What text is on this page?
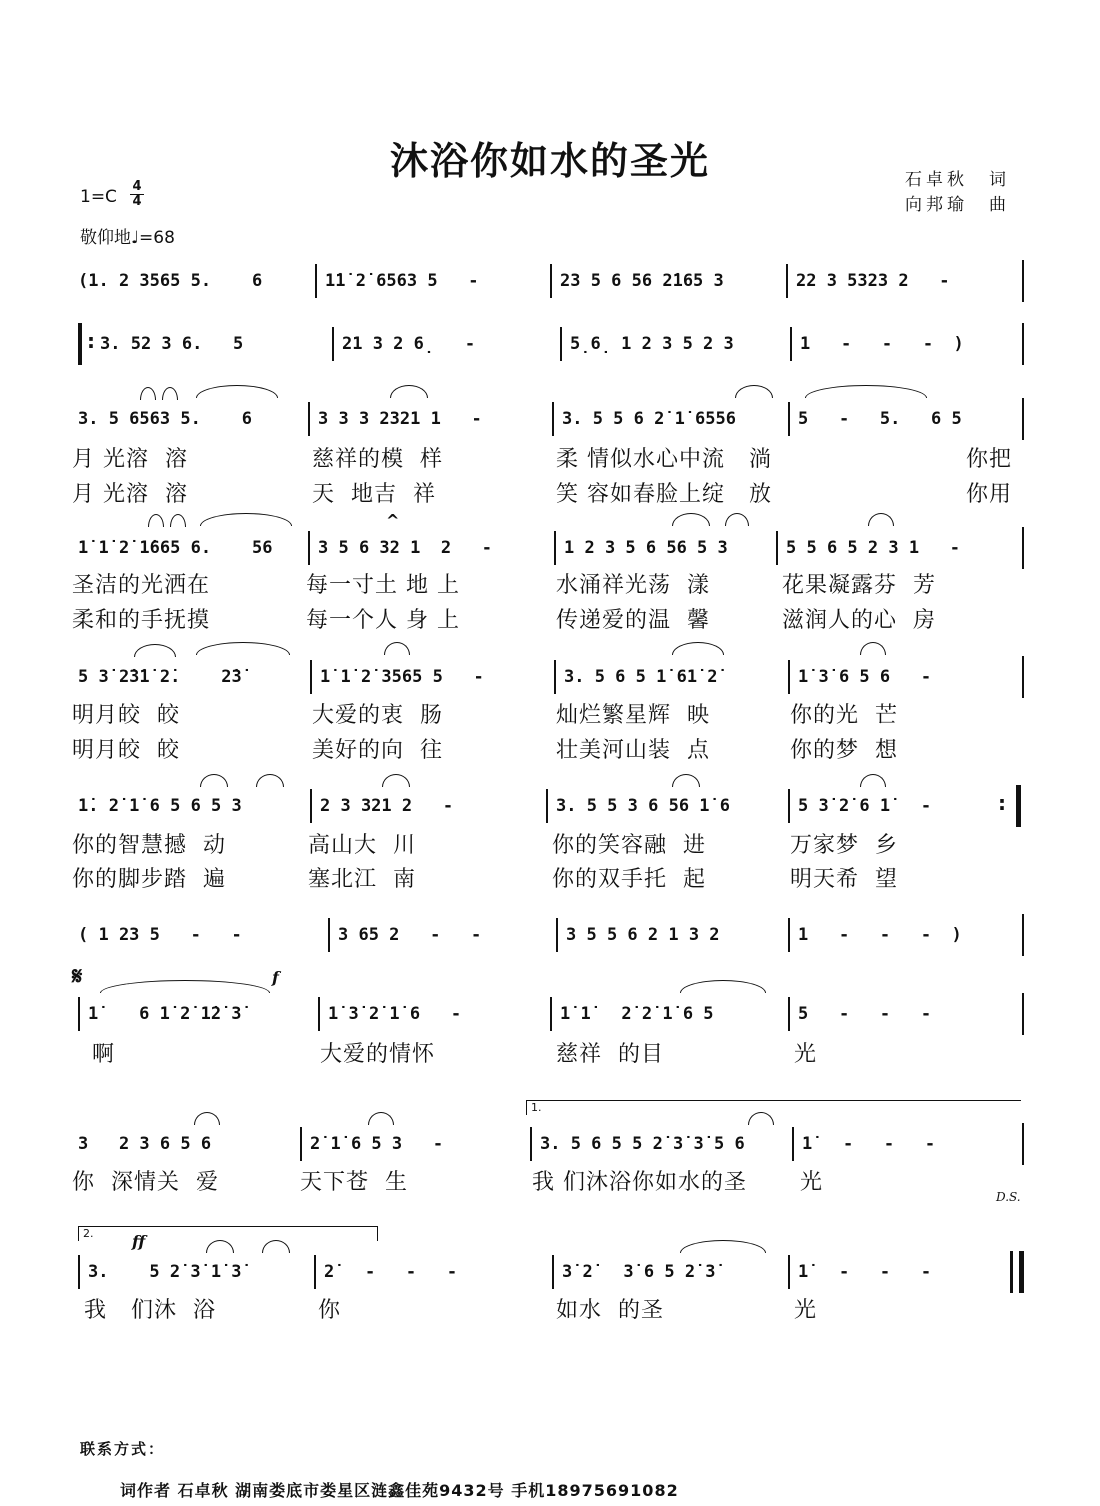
沐浴你如水的圣光	石卓秋　词
向邦瑜　曲
1=C
4
4
敬仰地♩=68
(1. 2 3565 5.    6	1̇1̇ 2̇ 6563 5   -	23 5 6 56 2̇165 3	22 3 5323 2   -
:
3. 52 3 6.   5	21 3 2 6̣   -	5̣6̣ 1 2 3 5 2 3	1   -   -   -  )
3. 5 6563 5.    6	3 3 3 2321 1   -	3. 5 5 6 2̇ 1̇ 6556	5   -   5.   6 5
月 光溶  溶	慈祥的模  样	柔 情似水心中流   淌	你把
月 光溶  溶	天  地吉  祥	笑 容如春脸上绽   放	你用
^
1̇ 1̇ 2̇ 1̇665 6.    56	3 5 6 32 1  2   -	1 2 3 5 6 56 5 3	5 5 6 5 2 3 1   -
圣洁的光洒在	每一寸土 地 上	水涌祥光荡  漾	花果凝露芬  芳
柔和的手抚摸	每一个人 身 上	传递爱的温  馨	滋润人的心  房
5 3̇ 2̇3̇1̇ 2̇.    2̇3̇	1̇ 1̇ 2̇ 3565 5   -	3. 5 6 5 1̇ 61̇ 2̇	1̇ 3̇ 6 5 6   -
明月皎  皎	大爱的衷  肠	灿烂繁星辉  映	你的光  芒
明月皎  皎	美好的向  往	壮美河山装  点	你的梦  想
1̇. 2̇ 1̇ 6 5 6 5 3	2 3 321 2   -	3. 5 5 3 6 56 1̇ 6	5 3̇ 2̇ 6 1̇   -
:
你的智慧撼  动	高山大  川	你的笑容融  进	万家梦  乡
你的脚步踏  遍	塞北江  南	你的双手托  起	明天希  望
( 1 23 5   -   -	3 65 2   -   -	3 5 5 6 2 1 3 2	1   -   -   -  )
𝄋	f
1̇    6 1̇ 2̇ 1̇2̇ 3̇	1̇ 3̇ 2̇ 1̇ 6   -	1̇ 1̇   2̇ 2̇ 1̇ 6 5	5   -   -   -
啊	大爱的情怀	慈祥  的目	光
1.
3   2 3 6 5 6	2̇ 1̇ 6 5 3   -	3. 5 6 5 5 2̇ 3̇ 3̇ 5 6	1̇   -   -   -
你  深情关  爱	天下苍  生	我 们沐浴你如水的圣 光
D.S.
2. ff
3.    5 2̇ 3̇ 1̇ 3̇	2̇   -   -   -	3̇ 2̇   3̇ 6 5 2̇ 3̇	1̇   -   -   -
我   们沐  浴	你	如水  的圣	光
联系方式：
词作者 石卓秋 湖南娄底市娄星区涟鑫佳苑9432号 手机18975691082
